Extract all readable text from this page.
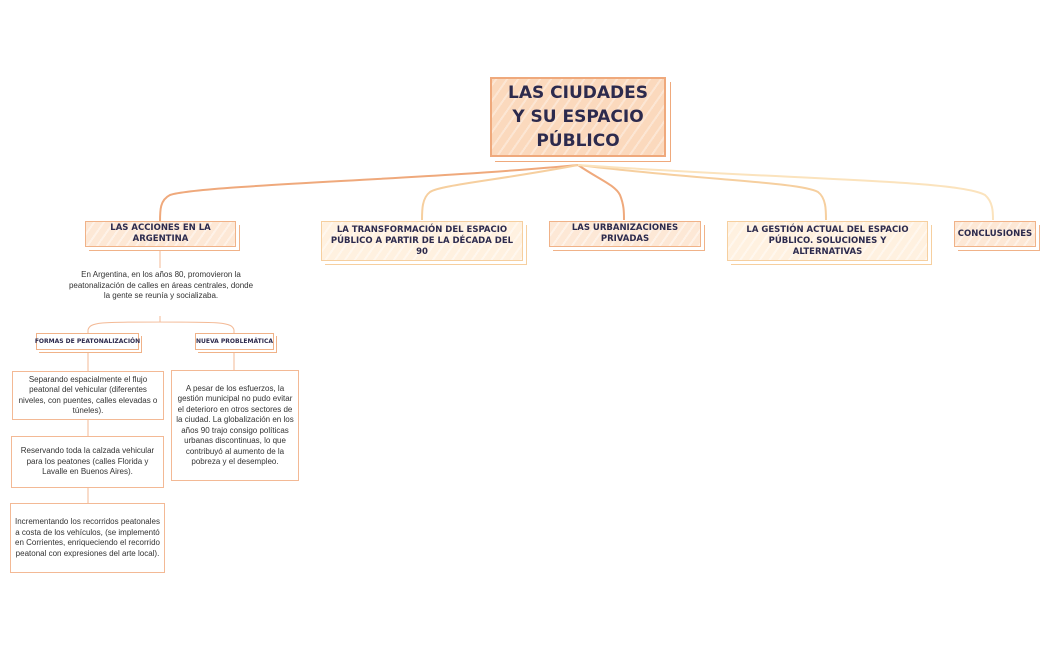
LAS CIUDADES Y SU ESPACIO PÚBLICO
LAS ACCIONES EN LA ARGENTINA
LA TRANSFORMACIÓN DEL ESPACIO PÚBLICO A PARTIR DE LA DÉCADA DEL 90
LAS URBANIZACIONES PRIVADAS
LA GESTIÓN ACTUAL DEL ESPACIO PÚBLICO. SOLUCIONES Y ALTERNATIVAS
CONCLUSIONES
En Argentina, en los años 80, promovieron la peatonalización de calles en áreas centrales, donde la gente se reunía y socializaba.
FORMAS DE PEATONALIZACIÓN	NUEVA PROBLEMÁTICA
Separando espacialmente el flujo peatonal del vehicular (diferentes niveles, con puentes, calles elevadas o túneles).
Reservando toda la calzada vehicular para los peatones (calles Florida y Lavalle en Buenos Aires).
Incrementando los recorridos peatonales a costa de los vehículos, (se implementó en Corrientes, enriqueciendo el recorrido peatonal con expresiones del arte local).
A pesar de los esfuerzos, la gestión municipal no pudo evitar el deterioro en otros sectores de la ciudad. La globalización en los años 90 trajo consigo políticas urbanas discontinuas, lo que contribuyó al aumento de la pobreza y el desempleo.
